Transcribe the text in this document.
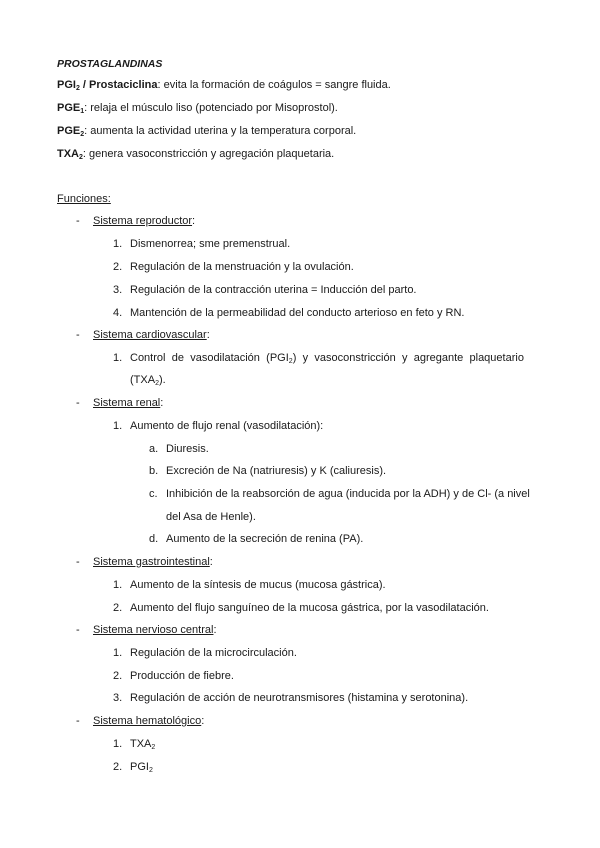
PROSTAGLANDINAS
$PGI_2$ / Prostaciclina: evita la formación de coágulos = sangre fluida.
$PGE_1$: relaja el músculo liso (potenciado por Misoprostol).
$PGE_2$: aumenta la actividad uterina y la temperatura corporal.
$TXA_2$: genera vasoconstricción y agregación plaquetaria.
Funciones:
- Sistema reproductor:
1. Dismenorrea; sme premenstrual.
2. Regulación de la menstruación y la ovulación.
3. Regulación de la contracción uterina = Inducción del parto.
4. Mantención de la permeabilidad del conducto arterioso en feto y RN.
- Sistema cardiovascular:
1. Control de vasodilatación $(PGI_2)$ y vasoconstricción y agregante plaquetario
$(TXA_2)$.
- Sistema renal:
1. Aumento de flujo renal (vasodilatación):
a. Diuresis.
b. Excreción de Na (natriuresis) y K (caliuresis).
c. Inhibición de la reabsorción de agua (inducida por la ADH) y de Cl- (a nivel
del Asa de Henle).
d. Aumento de la secreción de renina (PA).
- Sistema gastrointestinal:
1. Aumento de la síntesis de mucus (mucosa gástrica).
2. Aumento del flujo sanguíneo de la mucosa gástrica, por la vasodilatación.
- Sistema nervioso central:
1. Regulación de la microcirculación.
2. Producción de fiebre.
3. Regulación de acción de neurotransmisores (histamina y serotonina).
- Sistema hematológico:
1. $TXA_2$
2. $PGI_2$
